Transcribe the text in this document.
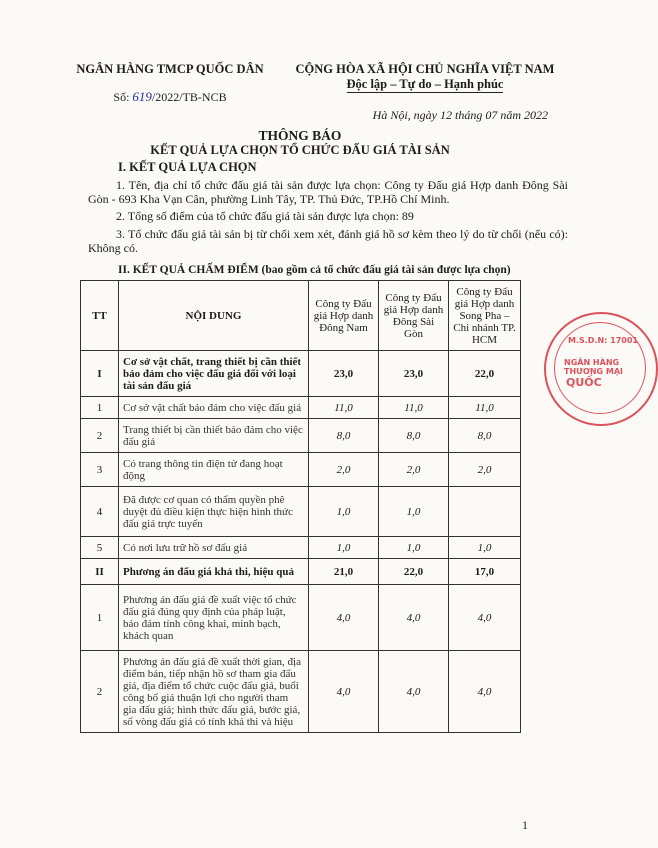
NGÂN HÀNG TMCP QUỐC DÂN
Số: 619/2022/TB-NCB
CỘNG HÒA XÃ HỘI CHỦ NGHĨA VIỆT NAM
Độc lập – Tự do – Hạnh phúc
Hà Nội, ngày 12 tháng 07 năm 2022
THÔNG BÁO
KẾT QUẢ LỰA CHỌN TỔ CHỨC ĐẤU GIÁ TÀI SẢN
I. KẾT QUẢ LỰA CHỌN
1. Tên, địa chỉ tổ chức đấu giá tài sản được lựa chọn: Công ty Đấu giá Hợp danh Đông Sài Gòn - 693 Kha Vạn Cân, phường Linh Tây, TP. Thủ Đức, TP.Hồ Chí Minh.
2. Tổng số điểm của tổ chức đấu giá tài sản được lựa chọn: 89
3. Tổ chức đấu giá tài sản bị từ chối xem xét, đánh giá hồ sơ kèm theo lý do từ chối (nếu có): Không có.
II. KẾT QUẢ CHẤM ĐIỂM (bao gồm cả tổ chức đấu giá tài sản được lựa chọn)
TT	NỘI DUNG	Công ty Đấu giá Hợp danh Đông Nam	Công ty Đấu giá Hợp danh Đông Sài Gòn	Công ty Đấu giá Hợp danh Song Pha – Chi nhánh TP. HCM
I	Cơ sở vật chất, trang thiết bị cần thiết bảo đảm cho việc đấu giá đối với loại tài sản đấu giá	23,0	23,0	22,0
1	Cơ sở vật chất bảo đảm cho việc đấu giá	11,0	11,0	11,0
2	Trang thiết bị cần thiết bảo đảm cho việc đấu giá	8,0	8,0	8,0
3	Có trang thông tin điện tử đang hoạt động	2,0	2,0	2,0
4	Đã được cơ quan có thẩm quyền phê duyệt đủ điều kiện thực hiện hình thức đấu giá trực tuyến	1,0	1,0	
5	Có nơi lưu trữ hồ sơ đấu giá	1,0	1,0	1,0
II	Phương án đấu giá khả thi, hiệu quả	21,0	22,0	17,0
1	Phương án đấu giá đề xuất việc tổ chức đấu giá đúng quy định của pháp luật, bảo đảm tính công khai, minh bạch, khách quan	4,0	4,0	4,0
2	Phương án đấu giá đề xuất thời gian, địa điểm bán, tiếp nhận hồ sơ tham gia đấu giá, địa điểm tổ chức cuộc đấu giá, buổi công bố giá thuận lợi cho người tham gia đấu giá; hình thức đấu giá, bước giá, số vòng đấu giá có tính khả thi và hiệu	4,0	4,0	4,0
M.S.D.N: 17001
NGÂN HÀNG THƯƠNG MẠI
QUỐC
1
